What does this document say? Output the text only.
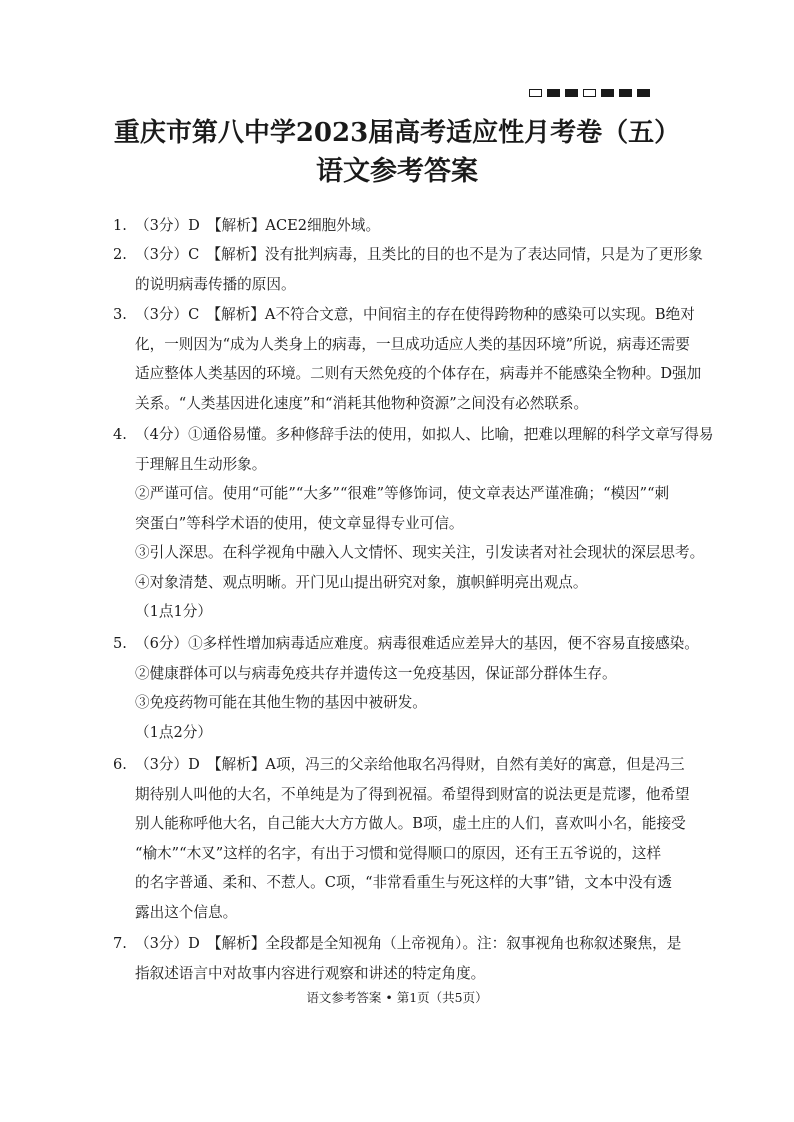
重庆市第八中学2023届高考适应性月考卷（五）
语文参考答案

1. （3分）D　【解析】ACE2细胞外域。

2. （3分）C　【解析】没有批判病毒，且类比的目的也不是为了表达同情，只是为了更形象

的说明病毒传播的原因。

3. （3分）C　【解析】A不符合文意，中间宿主的存在使得跨物种的感染可以实现。B绝对

化，一则因为“成为人类身上的病毒，一旦成功适应人类的基因环境”所说，病毒还需要

适应整体人类基因的环境。二则有天然免疫的个体存在，病毒并不能感染全物种。D强加

关系。“人类基因进化速度”和“消耗其他物种资源”之间没有必然联系。

4. （4分）①通俗易懂。多种修辞手法的使用，如拟人、比喻，把难以理解的科学文章写得易

于理解且生动形象。

②严谨可信。使用“可能”“大多”“很难”等修饰词，使文章表达严谨准确；“模因”“刺

突蛋白”等科学术语的使用，使文章显得专业可信。

③引人深思。在科学视角中融入人文情怀、现实关注，引发读者对社会现状的深层思考。

④对象清楚、观点明晰。开门见山提出研究对象，旗帜鲜明亮出观点。

（1点1分）

5. （6分）①多样性增加病毒适应难度。病毒很难适应差异大的基因，便不容易直接感染。

②健康群体可以与病毒免疫共存并遗传这一免疫基因，保证部分群体生存。

③免疫药物可能在其他生物的基因中被研发。

（1点2分）

6. （3分）D　【解析】A项，冯三的父亲给他取名冯得财，自然有美好的寓意，但是冯三

期待别人叫他的大名，不单纯是为了得到祝福。希望得到财富的说法更是荒谬，他希望

别人能称呼他大名，自己能大大方方做人。B项，虚土庄的人们，喜欢叫小名，能接受

“榆木”“木叉”这样的名字，有出于习惯和觉得顺口的原因，还有王五爷说的，这样

的名字普通、柔和、不惹人。C项，“非常看重生与死这样的大事”错，文本中没有透

露出这个信息。

7. （3分）D　【解析】全段都是全知视角（上帝视角）。注：叙事视角也称叙述聚焦，是

指叙述语言中对故事内容进行观察和讲述的特定角度。

语文参考答案 • 第1页（共5页）
